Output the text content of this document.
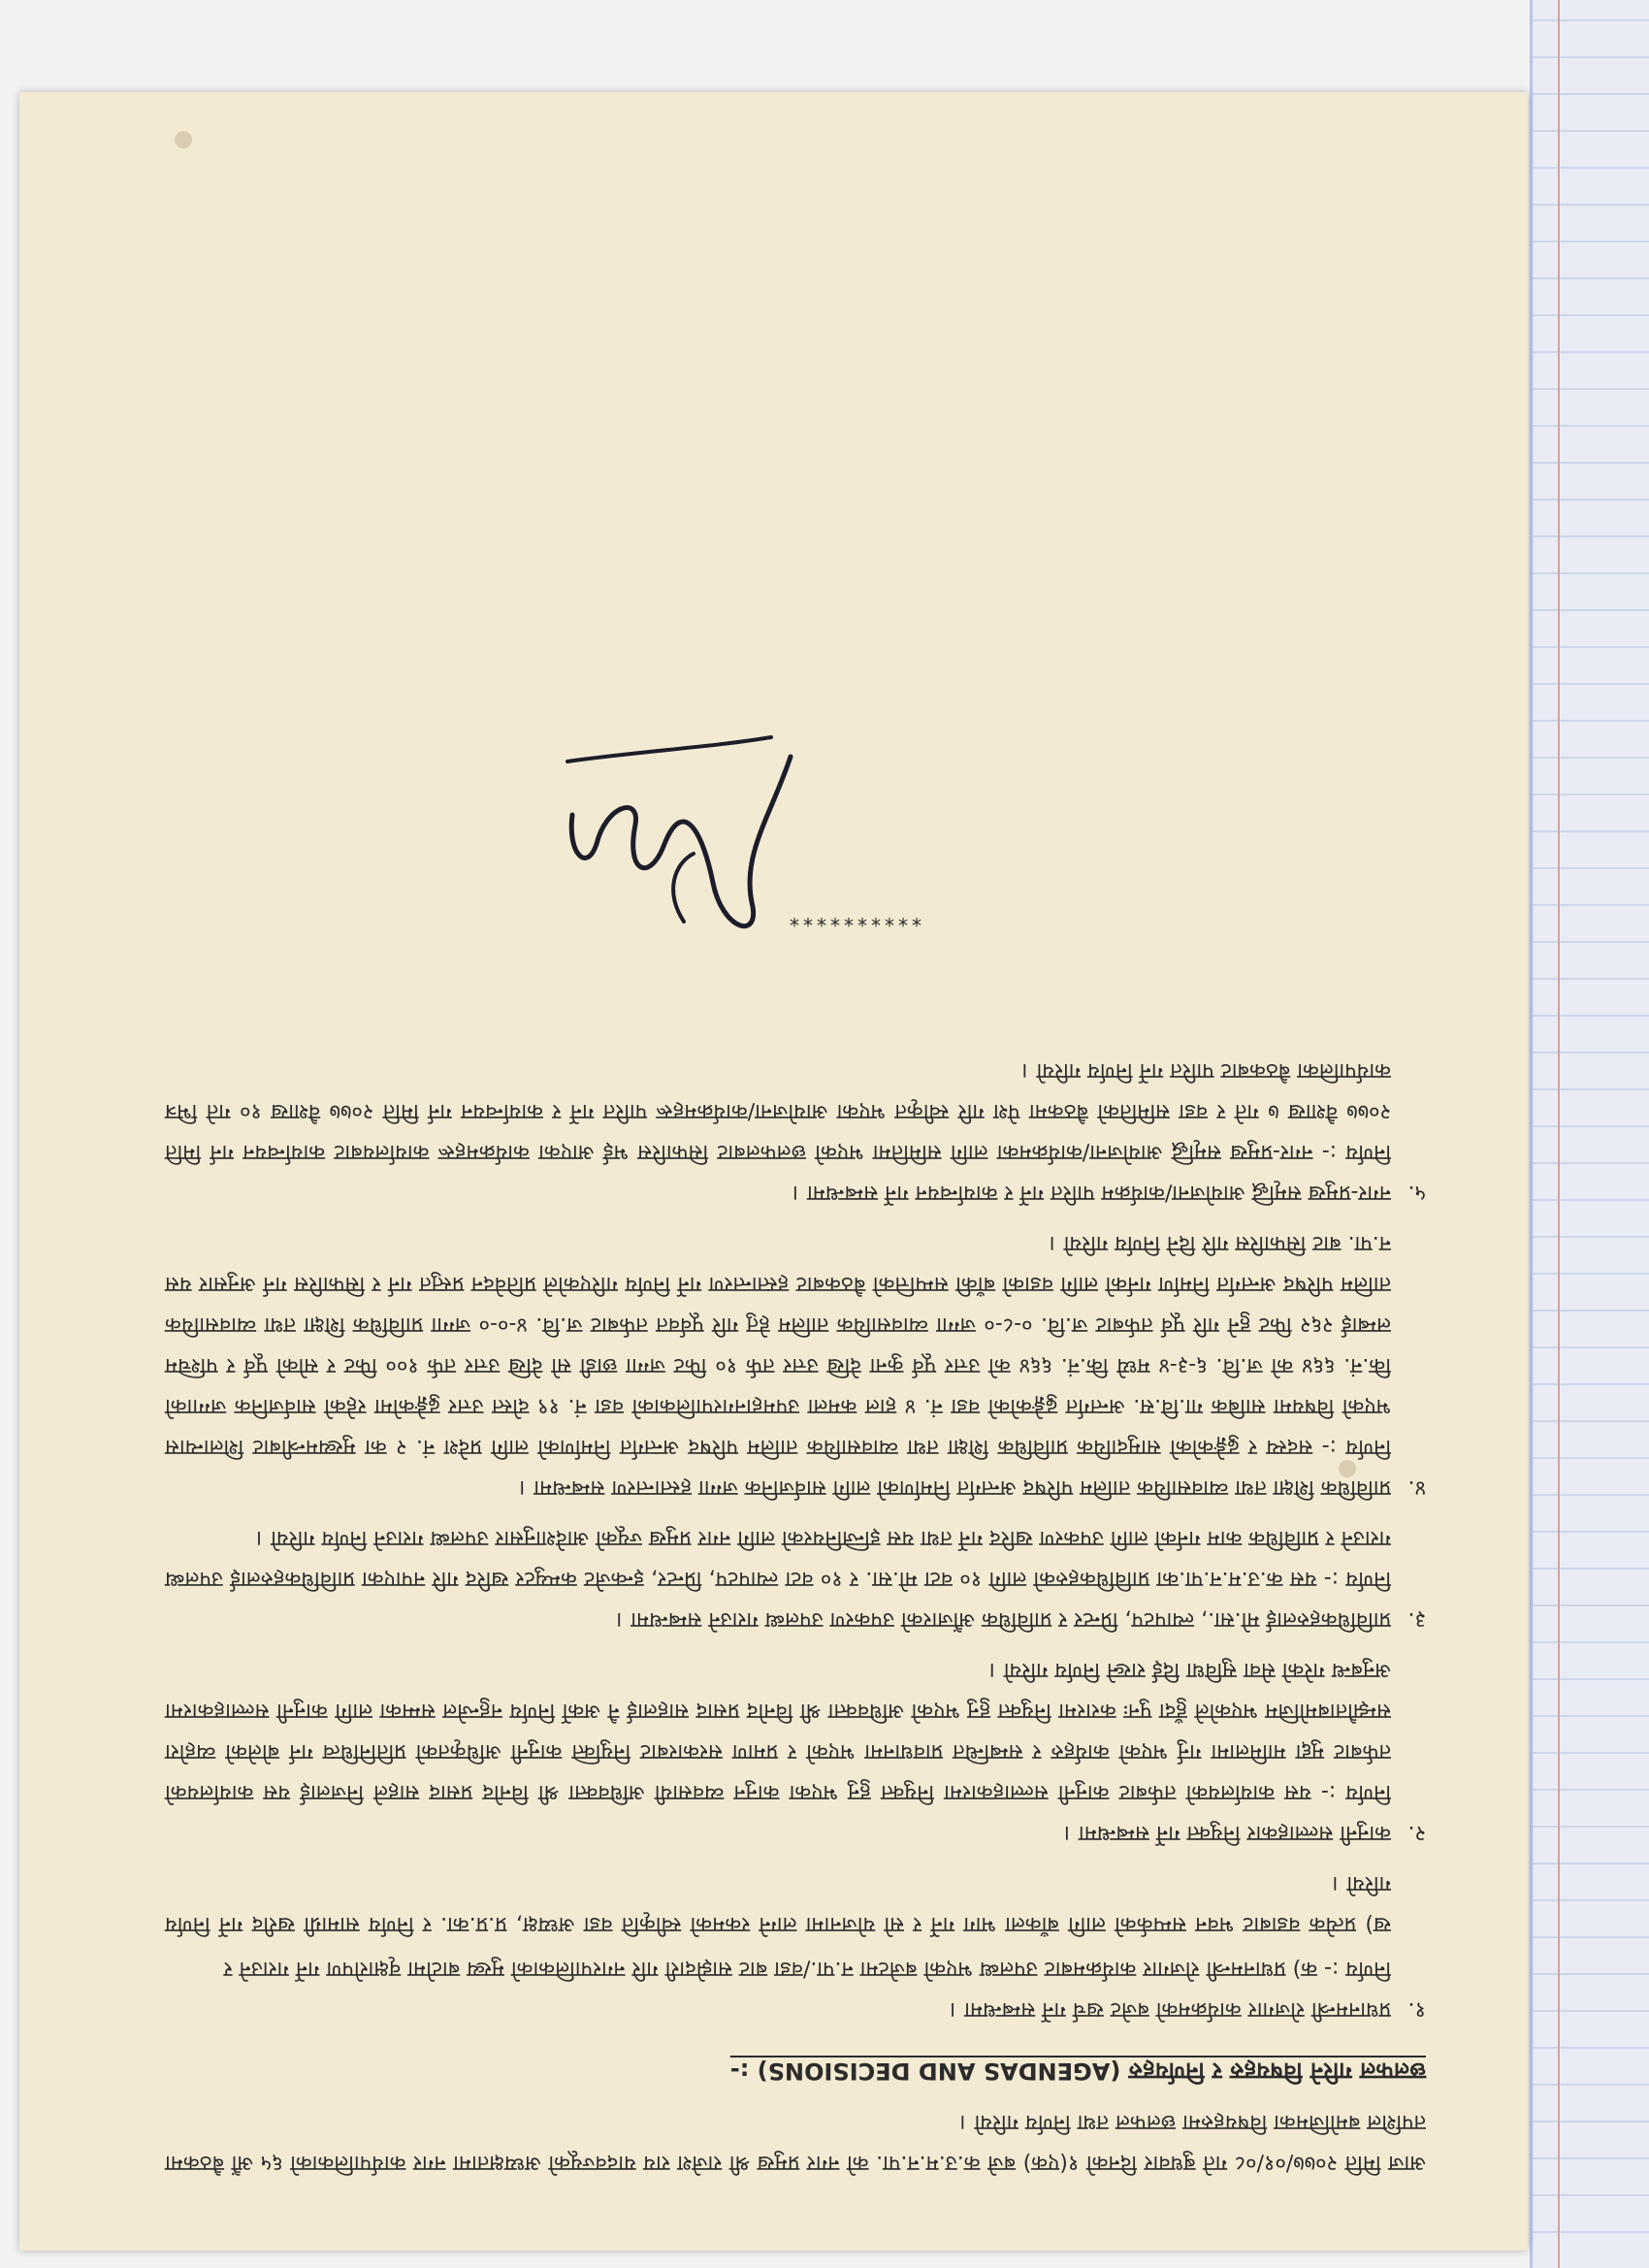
आज मिति २०७७/०१/०८ गते बुधवार दिनको १(एक) बजे क.उ.म.न.पा. को नगर प्रमुख श्री राजेश राय यादवज्यूको अध्यक्षतामा नगर कार्यपालिकाको ६५ औं बैठकमा तपशिल बमोजिमका विषयहरुमा छलफल तथा निर्णय गरियो ।

छलफल गरिने विषयहरु र निर्णयहरु (AGENDAS AND DECISIONS) :-

१.

प्रधानमन्त्री रोजगार कार्यक्रमको बजेट खर्च गर्ने सम्बन्धमा ।

निर्णय :- क) प्रधानमन्त्री रोजगार कार्यक्रमबाट उपलब्ध भएको बजेटमा न.पा./वडा बाट साझेदारी गरि नगरपालिकाको मुख्य बाटोमा वृक्षारोपण गर्ने गराउने र

ख) प्रत्येक वडाबाट भवन सम्पर्कको लागि बाँकला भाग गर्ने र सो योजनामा लाग्ने रकमको स्वीकृति वडा अध्यक्ष, प्र.प्र.का. र निर्णय सामाग्री खरीद गर्ने निर्णय गरियो ।

२.

कानुनी सल्लाहकार नियुक्त गर्ने सम्बन्धमा ।

निर्णय :- यस कार्यालयको तर्फबाट कानुनी सल्लाहकारमा नियुक्त हुनु भएका कानुन व्यवसायी अधिवक्ता श्री विनोद प्रसाद साहले निजलाई यस कार्यालयको तर्फबाट मुद्दा मामिलामा गर्नु भएको कार्यहरु र सम्बन्धित प्रावधानमा भएको र प्रमाण सरकारबाट नियुक्ति कानुनी अधिकृतको प्रतिनिधित्व गर्न बोलेको व्यहोरा सम्झौताबमोजिम भएकोले हुँदा पुनः करारमा नियुक्त हुनु भएको अधिवक्ता श्री विनोद प्रसाद साहलाई नै अर्को निर्णय नहुन्जेल सम्मका लागि कानुनी सल्लाहकारमा अनुबन्ध गरेको सेवा सुविधा दिई राख्ने निर्णय गरियो ।

३.

प्राविधिकहरुलाई मो.सा., ल्यापटप, प्रिन्टर र प्राविधिक औंजारको उपकरण उपलब्ध गराउने सम्बन्धमा ।

निर्णय :- यस क.उ.म.न.पा.का प्राविधिकहरुको लागि १० वटा मो.सा. र १० वटा ल्यापटप, प्रिन्टर, इन्कजेट कम्प्युटर खरिद गरि नपाएका प्राविधिकहरुलाई उपलब्ध गराउने र प्राविधिक काम गर्नको लागि उपकरण खरिद गर्ने तथा यस इन्जिनियरको लागि नगर प्रमुख ज्यूको आदेशानुसार उपलब्ध गराउने निर्णय गरियो ।

४.

प्राविधिक शिक्षा तथा व्यावसायिक तालिम परिषद अन्तर्गत निर्माणको लागि सार्वजनिक जग्गा हस्तान्तरण सम्बन्धमा ।

निर्णय :- सदस्य र ढुङ्गेकोको सामुदायिक प्राविधिक शिक्षा तथा व्यावसायिक तालिम परिषद अन्तर्गत निर्माणको लागि प्रदेश नं. २ का मुख्यमन्त्रीबाट शिलान्यास भएको विषयमा साबिक गा.वि.स. अन्तर्गत ढुङ्गेकोको वडा नं. ४ हाल कमला उपमहानगरपालिकाको वडा नं. १९ दोस्त उत्तर ढुङ्गेकोमा रहेको सार्वजनिक जग्गाको कि.नं. ६६४ को ज.वि. ६-३-४ मध्ये कि.नं. ६६४ को उत्तर पूर्व कुना देखि उत्तर तर्फ १० फिट जग्गा छाडी सो देखि उत्तर तर्फ १०० फिट र सोको पूर्व र पश्चिम लम्बाई २६२ फिट हुने गरि पूर्व तर्फबाट ज.वि. ०-८-० जग्गा व्यावसायिक तालिम हेतु गरि पूर्ववत तर्फबाट ज.वि. ४-०-० जग्गा प्राविधिक शिक्षा तथा व्यावसायिक तालिम परिषद अन्तर्गत निर्माण गर्नको लागि वडाको बाँकी सम्पत्तिको बैठकबाट हस्तान्तरण गर्ने निर्णय गरिएकोले प्रतिवेदन प्रस्तुत गर्न र सिफारिस गर्न अनुसार यस न.पा. बाट सिफारिस गरि दिने निर्णय गरियो ।

५.

नगर-प्रमुख समृद्धि आयोजना/कार्यक्रम पारित गर्ने र कार्यान्वयन गर्ने सम्बन्धमा ।

निर्णय :- नगर-प्रमुख समृद्धि आयोजना/कार्यक्रमका लागि समितिमा भएको छलफलबाट सिफारिस भई आएका कार्यक्रमहरू कार्यालयबाट कार्यान्वयन गर्न मिति २०७७ वैशाख ७ गते र वडा समितिको बैठकमा पेश गरि स्वीकृत भएका आयोजना/कार्यक्रमहरू पारित गर्ने र कार्यान्वयन गर्न मिति २०७७ वैशाख १० गते भित्र कार्यपालिका बैठकबाट पारित गर्ने निर्णय गरियो ।

**********
